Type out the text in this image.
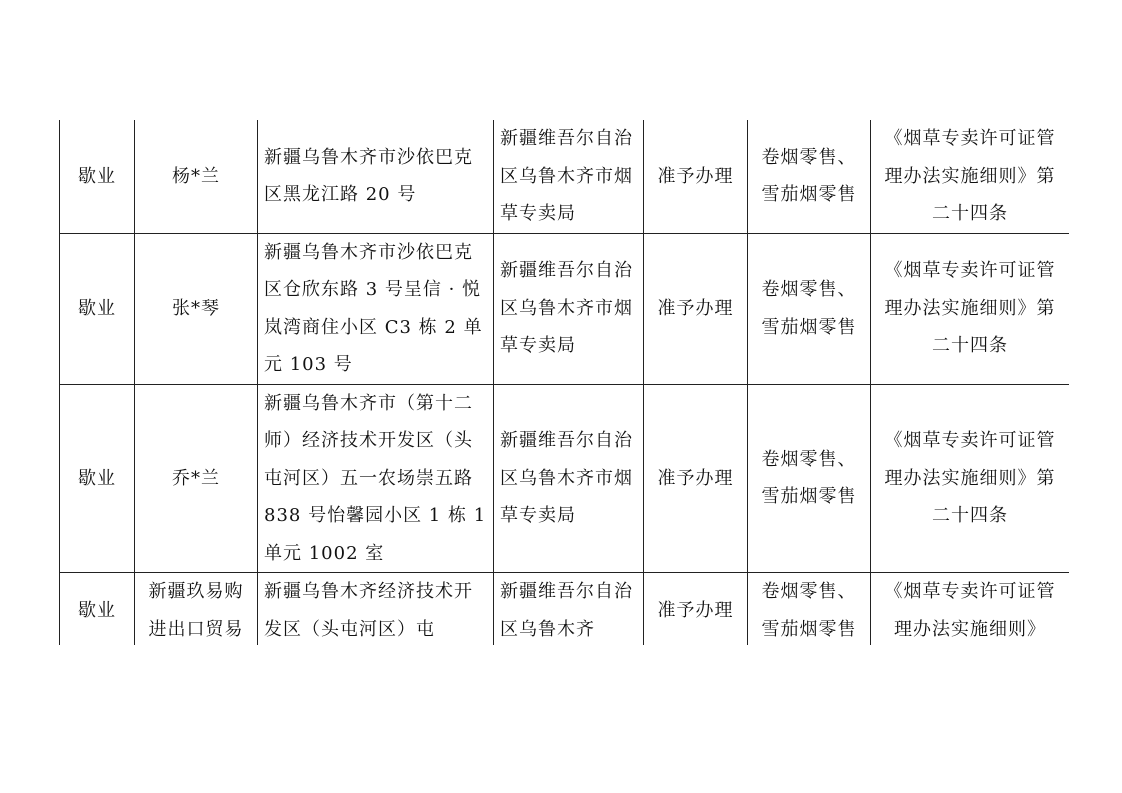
歇业	杨*兰	新疆乌鲁木齐市沙依巴克区黑龙江路 20 号	新疆维吾尔自治区乌鲁木齐市烟草专卖局	准予办理	卷烟零售、雪茄烟零售	《烟草专卖许可证管理办法实施细则》第二十四条
歇业	张*琴	新疆乌鲁木齐市沙依巴克区仓欣东路 3 号呈信 · 悦岚湾商住小区 C3 栋 2 单元 103 号	新疆维吾尔自治区乌鲁木齐市烟草专卖局	准予办理	卷烟零售、雪茄烟零售	《烟草专卖许可证管理办法实施细则》第二十四条
歇业	乔*兰	新疆乌鲁木齐市（第十二师）经济技术开发区（头屯河区）五一农场崇五路 838 号怡馨园小区 1 栋 1 单元 1002 室	新疆维吾尔自治区乌鲁木齐市烟草专卖局	准予办理	卷烟零售、雪茄烟零售	《烟草专卖许可证管理办法实施细则》第二十四条
歇业	新疆玖易购进出口贸易	新疆乌鲁木齐经济技术开发区（头屯河区）屯	新疆维吾尔自治区乌鲁木齐	准予办理	卷烟零售、雪茄烟零售	《烟草专卖许可证管理办法实施细则》
